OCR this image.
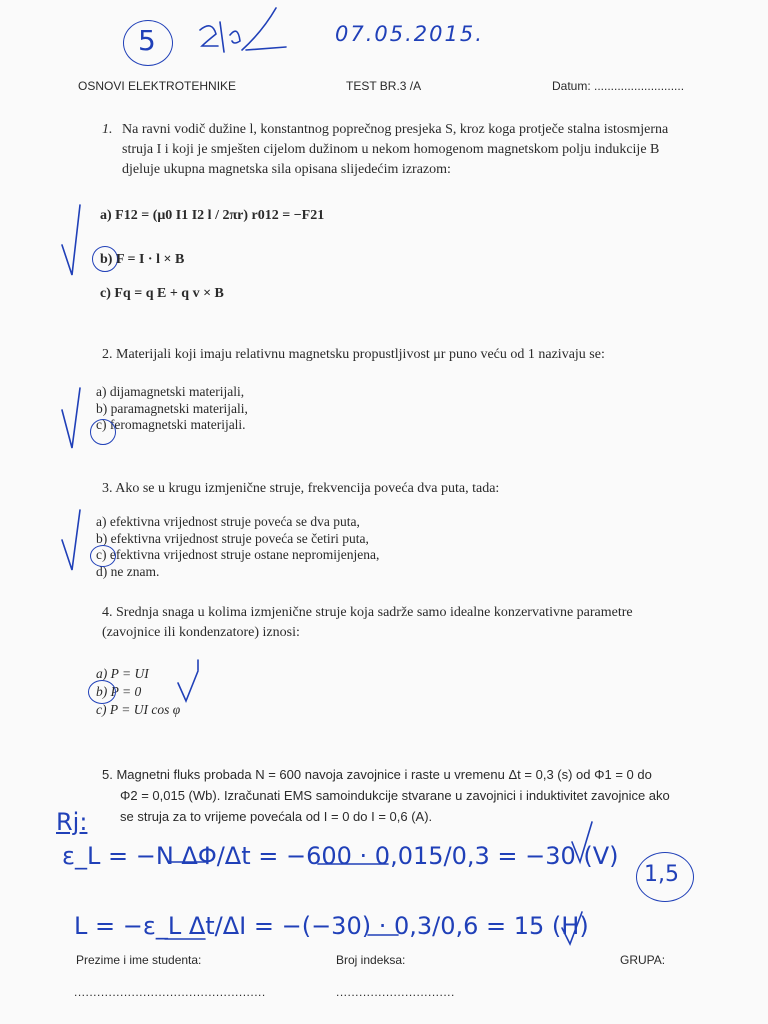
5	07.05.2015.
OSNOVI ELEKTROTEHNIKE	TEST BR.3 /A	Datum: ...........................
1. Na ravni vodič dužine l, konstantnog poprečnog presjeka S, kroz koga protječe stalna istosmjerna
struja I i koji je smješten cijelom dužinom u nekom homogenom magnetskom polju indukcije B
djeluje ukupna magnetska sila opisana slijedećim izrazom:
a) F12 = (μ0 I1 I2 l / 2πr) r012 = −F21
b) F = I · l × B
c) Fq = q E + q v × B
2. Materijali koji imaju relativnu magnetsku propustljivost μr puno veću od 1 nazivaju se:
a) dijamagnetski materijali,
b) paramagnetski materijali,
c) feromagnetski materijali.
3. Ako se u krugu izmjenične struje, frekvencija poveća dva puta, tada:
a) efektivna vrijednost struje poveća se dva puta,
b) efektivna vrijednost struje poveća se četiri puta,
c) efektivna vrijednost struje ostane nepromijenjena,
d) ne znam.
4. Srednja snaga u kolima izmjenične struje koja sadrže samo idealne konzervativne parametre
(zavojnice ili kondenzatore) iznosi:
a) P = UI
b) P = 0
c) P = UI cos φ
5. Magnetni fluks probada N = 600 navoja zavojnice i raste u vremenu Δt = 0,3 (s) od Φ1 = 0 do
Φ2 = 0,015 (Wb). Izračunati EMS samoindukcije stvarane u zavojnici i induktivitet zavojnice ako
se struja za to vrijeme povećala od I = 0 do I = 0,6 (A).
Rj:
ε_L = −N ΔΦ/Δt = −600 · 0,015/0,3 = −30 (V)
L = −ε_L Δt/ΔI = −(−30) · 0,3/0,6 = 15 (H)
1,5
Prezime i ime studenta:	Broj indeksa:	GRUPA:
..................................................	...............................
